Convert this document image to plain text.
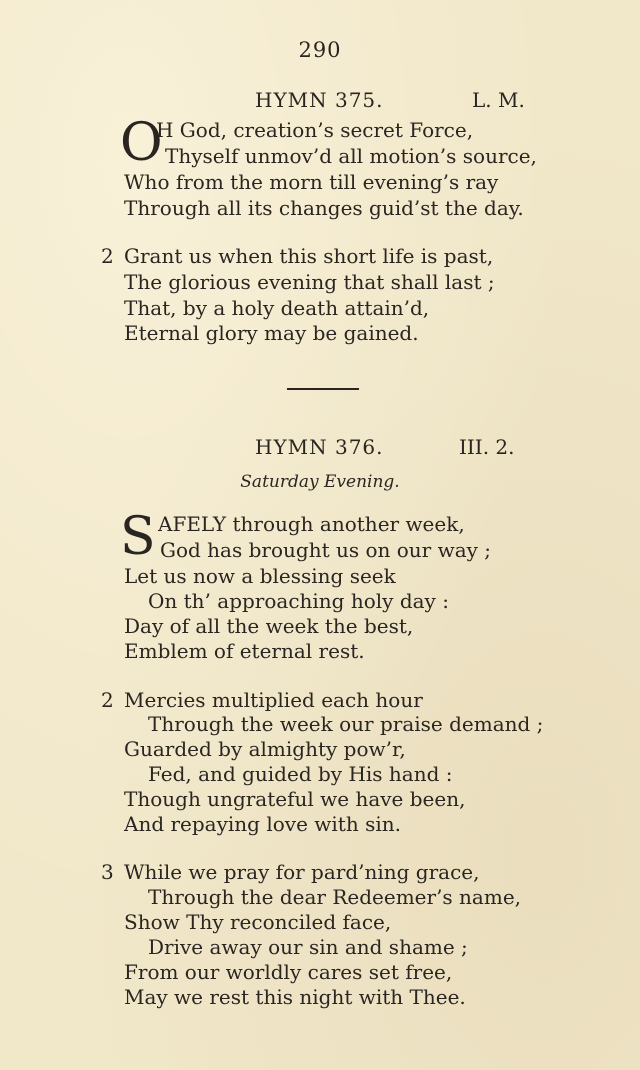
290
HYMN 375.	L. M.
O
H God, creation’s secret Force,
Thyself unmov’d all motion’s source,
Who from the morn till evening’s ray
Through all its changes guid’st the day.
2 Grant us when this short life is past,
The glorious evening that shall last ;
That, by a holy death attain’d,
Eternal glory may be gained.
HYMN 376.	III. 2.
Saturday Evening.
S AFELY through another week,
God has brought us on our way ;
Let us now a blessing seek
On th’ approaching holy day :
Day of all the week the best,
Emblem of eternal rest.
2 Mercies multiplied each hour
Through the week our praise demand ;
Guarded by almighty pow’r,
Fed, and guided by His hand :
Though ungrateful we have been,
And repaying love with sin.
3 While we pray for pard’ning grace,
Through the dear Redeemer’s name,
Show Thy reconciled face,
Drive away our sin and shame ;
From our worldly cares set free,
May we rest this night with Thee.
